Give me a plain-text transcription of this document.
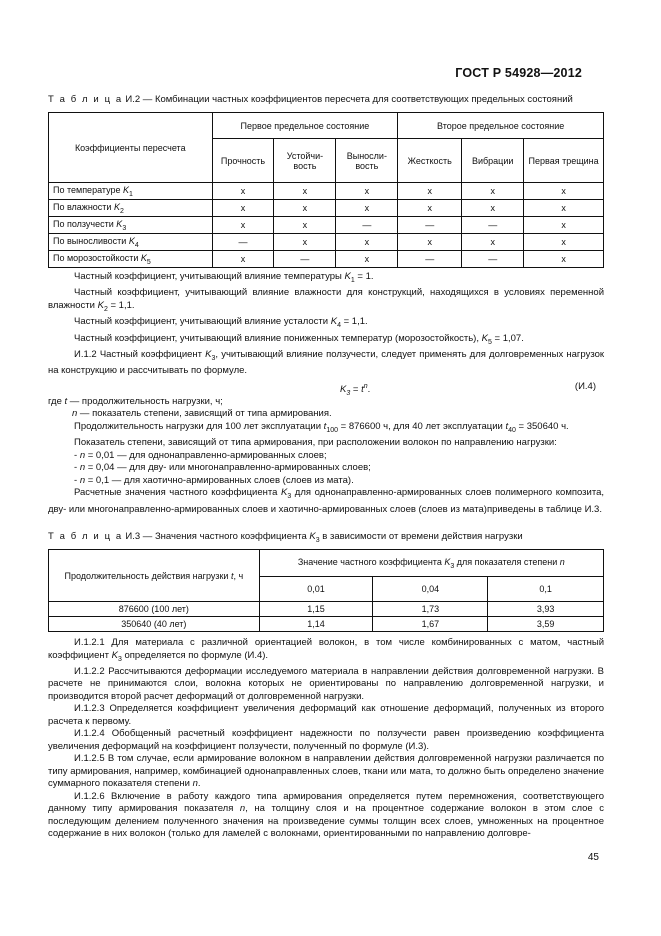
ГОСТ Р 54928—2012
Т а б л и ц а И.2 — Комбинации частных коэффициентов пересчета для соответствующих предельных состояний
Коэффициенты пересчета	Первое предельное состояние			Второе предельное состояние		
	Прочность	Устойчи- вость	Выносли- вость	Жесткость	Вибрации	Первая трещина
По температуре $K_1$	x	x	x	x	x	x
По влажности $K_2$	x	x	x	x	x	x
По ползучести $K_3$	x	x	—	—	—	x
По выносливости $K_4$	—	x	x	x	x	x
По морозостойкости $K_5$	x	—	x	—	—	x

Частный коэффициент, учитывающий влияние температуры $K_1 = 1$.

Частный коэффициент, учитывающий влияние влажности для конструкций, находящихся в условиях переменной влажности $K_2 = 1,1$.

Частный коэффициент, учитывающий влияние усталости $K_4 = 1,1$.

Частный коэффициент, учитывающий влияние пониженных температур (морозостойкость), $K_5 = 1,07$.

И.1.2 Частный коэффициент $K_3$, учитывающий влияние ползучести, следует применять для долговременных нагрузок на конструкцию и рассчитывать по формуле.

$K_3 = t^n$.	(И.4)

где t — продолжительность нагрузки, ч;

n — показатель степени, зависящий от типа армирования.

Продолжительность нагрузки для 100 лет эксплуатации $t_{100} = 876600$ ч, для 40 лет эксплуатации $t_{40} = 350640$ ч.

Показатель степени, зависящий от типа армирования, при расположении волокон по направлению нагрузки:

- n = 0,01 — для однонаправленно-армированных слоев;

- n = 0,04 — для дву- или многонаправленно-армированных слоев;

- n = 0,1 — для хаотично-армированных слоев (слоев из мата).

Расчетные значения частного коэффициента $K_3$ для однонаправленно-армированных слоев полимерного композита, дву- или многонаправленно-армированных слоев и хаотично-армированных слоев (слоев из мата)приведены в таблице И.3.

Т а б л и ц а И.3 — Значения частного коэффициента $K_3$ в зависимости от времени действия нагрузки
Продолжительность действия нагрузки t, ч	Значение частного коэффициента $K_3$ для показателя степени n		
	0,01	0,04	0,1
876600 (100 лет)	1,15	1,73	3,93
350640 (40 лет)	1,14	1,67	3,59

И.1.2.1 Для материала с различной ориентацией волокон, в том числе комбинированных с матом, частный коэффициент $K_3$ определяется по формуле (И.4).

И.1.2.2 Рассчитываются деформации исследуемого материала в направлении действия долговременной нагрузки. В расчете не принимаются слои, волокна которых не ориентированы по направлению долговременной нагрузки, и производится второй расчет деформаций от долговременной нагрузки.

И.1.2.3 Определяется коэффициент увеличения деформаций как отношение деформаций, полученных из второго расчета к первому.

И.1.2.4 Обобщенный расчетный коэффициент надежности по ползучести равен произведению коэффициента увеличения деформаций на коэффициент ползучести, полученный по формуле (И.3).

И.1.2.5 В том случае, если армирование волокном в направлении действия долговременной нагрузки различается по типу армирования, например, комбинацией однонаправленных слоев, ткани или мата, то должно быть определено значение суммарного показателя степени n.

И.1.2.6 Включение в работу каждого типа армирования определяется путем перемножения, соответствующего данному типу армирования показателя n, на толщину слоя и на процентное содержание волокон в этом слое с последующим делением полученного значения на произведение суммы толщин всех слоев, умноженных на процентное содержание в них волокон (только для ламелей с волокнами, ориентированными по направлению долговре-

45
